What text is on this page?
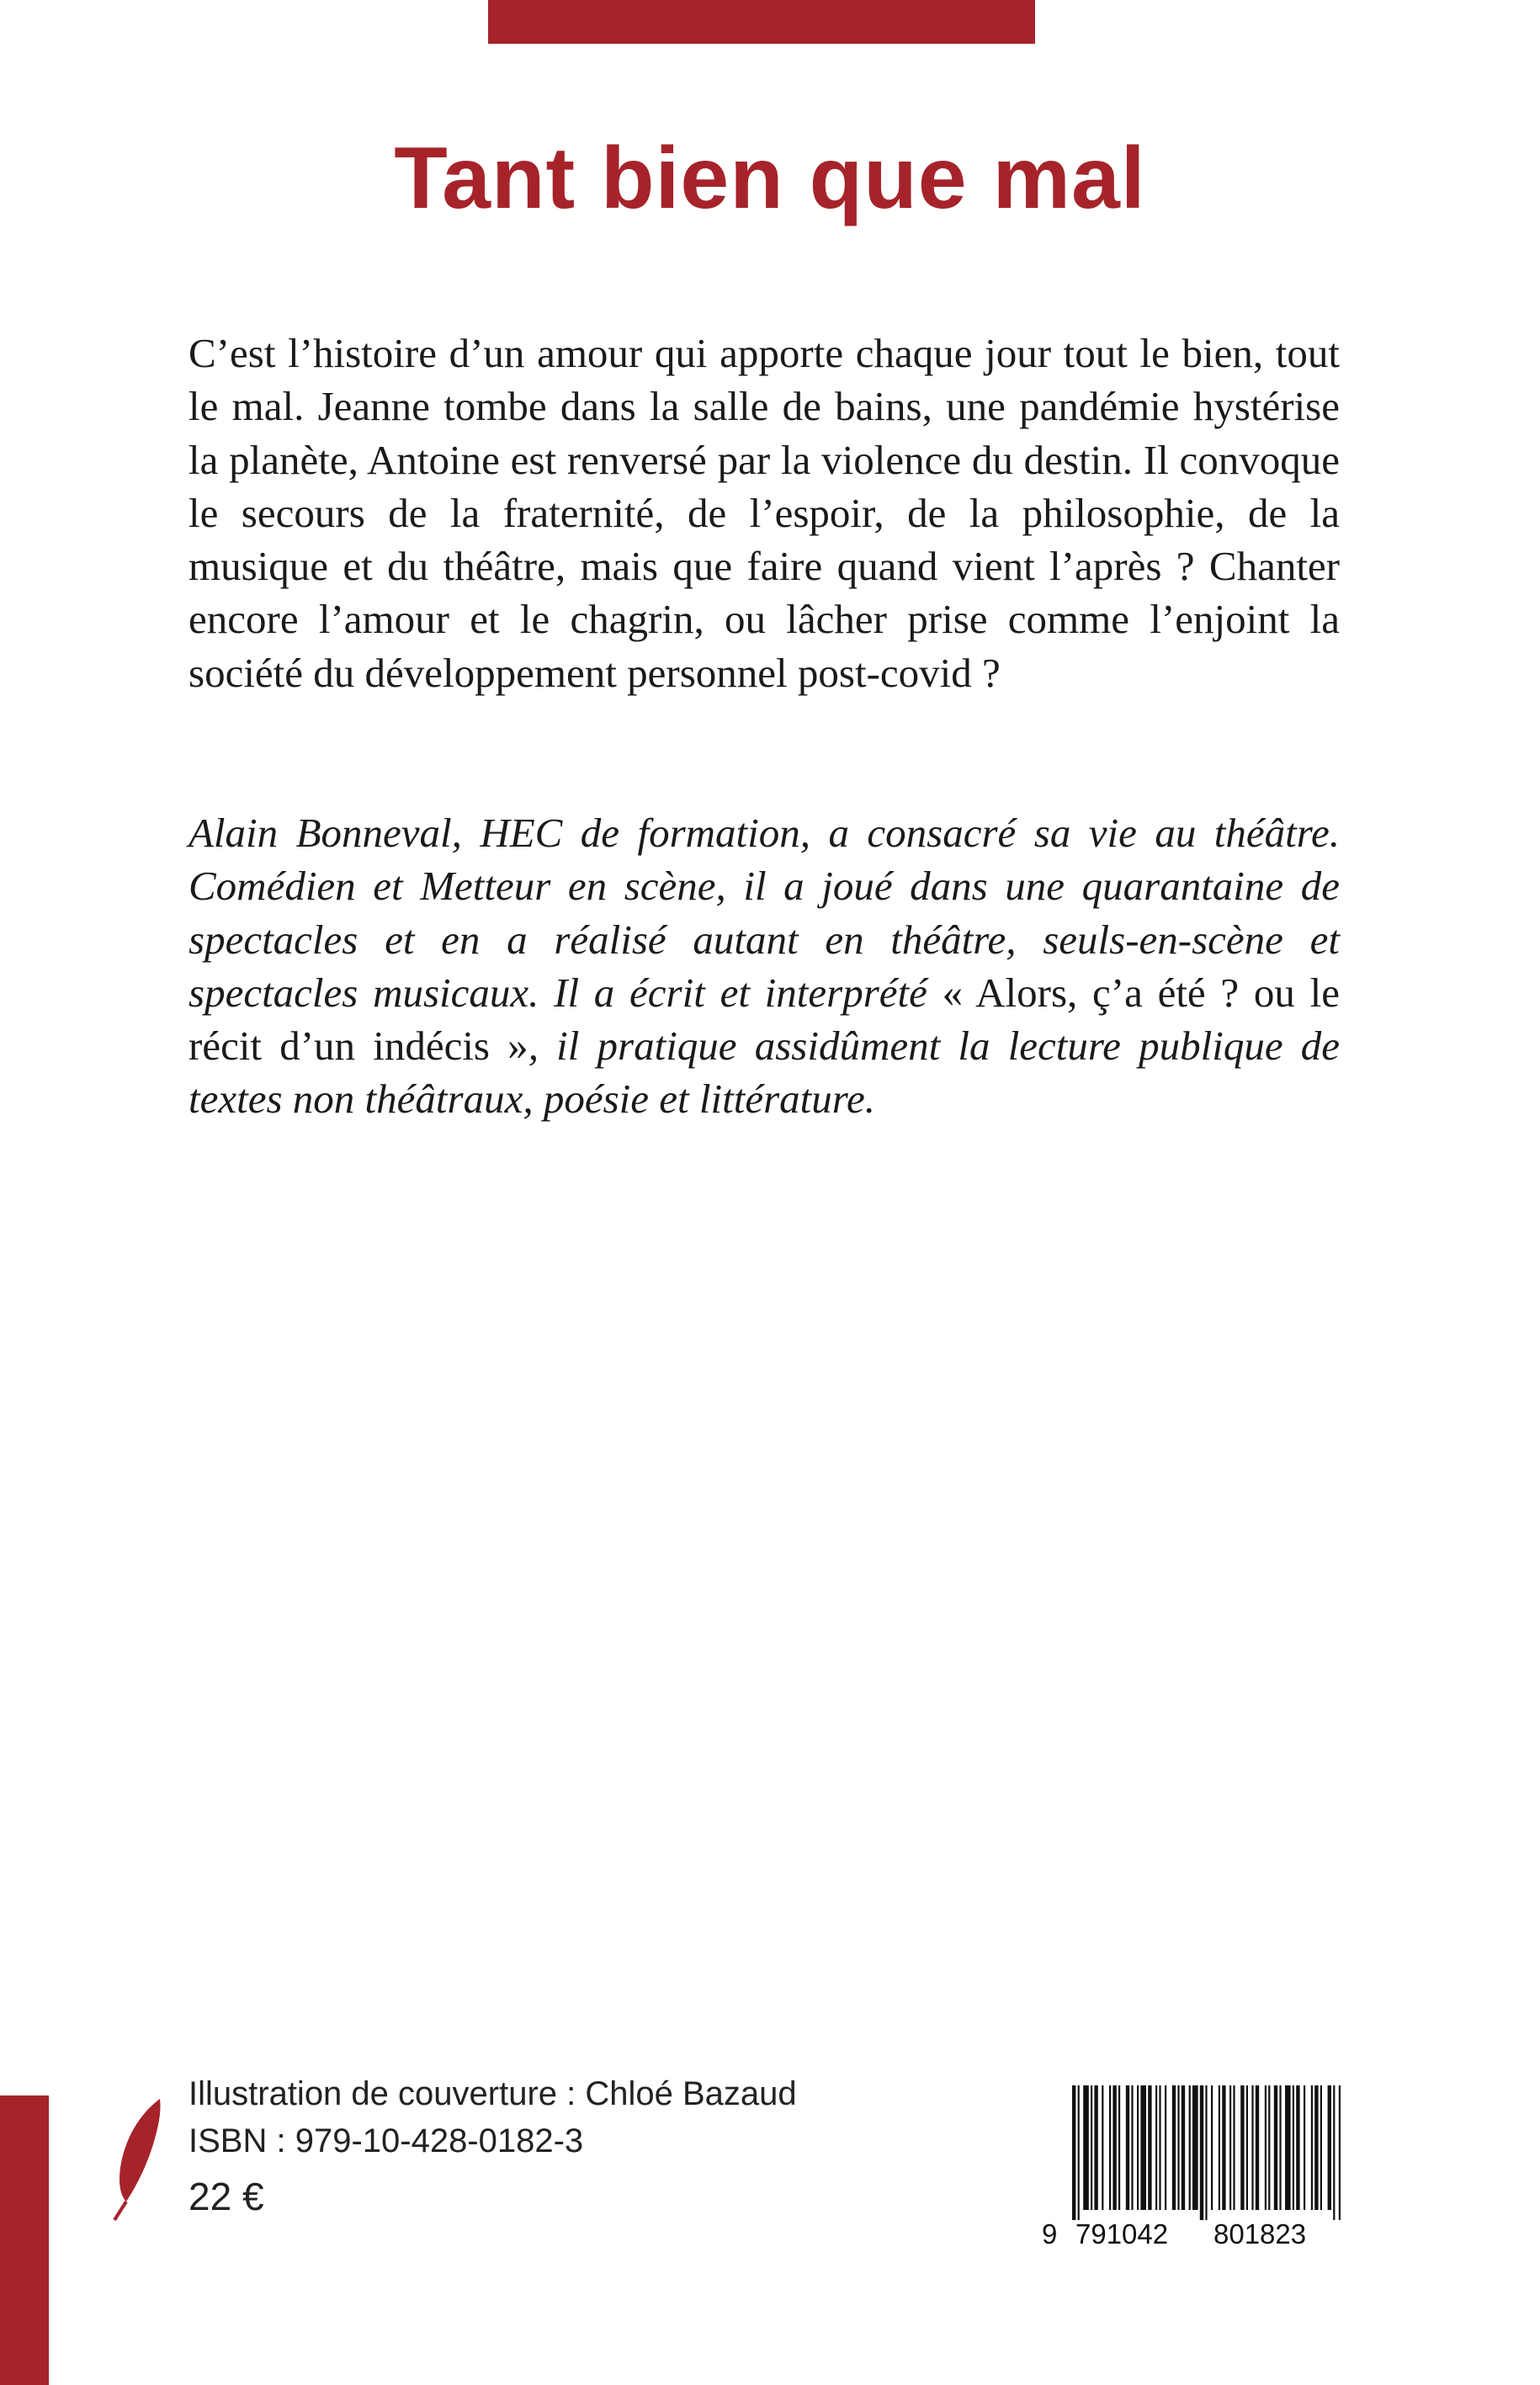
Tant bien que mal

C’est l’histoire d’un amour qui apporte chaque jour tout le bien, tout le mal. Jeanne tombe dans la salle de bains, une pandémie hystérise la planète, Antoine est renversé par la violence du destin. Il convoque le secours de la fraternité, de l’espoir, de la philosophie, de la musique et du théâtre, mais que faire quand vient l’après ? Chanter encore l’amour et le chagrin, ou lâcher prise comme l’enjoint la société du développement personnel post-covid ?

Alain Bonneval, HEC de formation, a consacré sa vie au théâtre. Comédien et Metteur en scène, il a joué dans une quarantaine de spectacles et en a réalisé autant en théâtre, seuls-en-scène et spectacles musicaux. Il a écrit et interprété « Alors, ç’a été ? ou le récit d’un indécis », il pratique assidûment la lecture publique de textes non théâtraux, poésie et littérature.

Illustration de couverture : Chloé Bazaud
ISBN : 979-10-428-0182-3
22 €
9 791042 801823
